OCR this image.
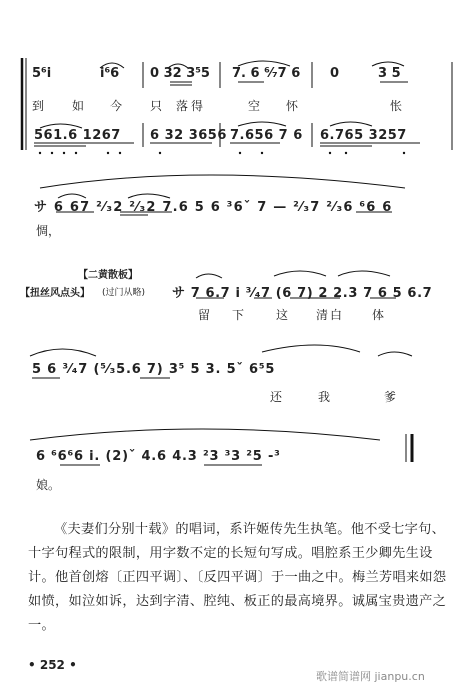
5⁶i	i⁶6 0 32 3⁵5 7. 6 ⁶⁄₇7 6 0	3 5
到 如 今 只 落得	空 怀	怅
561.6 1267 6 32 3656 7.656 7 6 6.765 3257
サ 6 67 ²⁄₃2 ²⁄₃2 7.6 5 6 ³6ˇ 7 — ²⁄₃7 ²⁄₃6 ⁶6 6
惆，
【二黄散板】
【扭丝风点头】 (过门从略) サ 7 6.7 i ³⁄₄7 (6 7) 2 2.3 7 6 5 6.7
留 下	这 清白 体
5 6 ³⁄₄7 (⁵⁄₃5.6 7) 3⁵ 5 3. 5ˇ 6⁵5
还	我	爹
6 ⁶6⁶6 i. (2)ˇ 4.6 4.3 ²3 ³3 ²5 -³
娘。
《夫妻们分别十载》的唱词，系许姬传先生执笔。他不受七字句、十字句程式的限制，用字数不定的长短句写成。唱腔系王少卿先生设计。他首创熔〔正四平调〕、〔反四平调〕于一曲之中。梅兰芳唱来如怨如愤，如泣如诉，达到字清、腔纯、板正的最高境界。诚属宝贵遗产之一。
• 252 •
歌谱简谱网 jianpu.cn
